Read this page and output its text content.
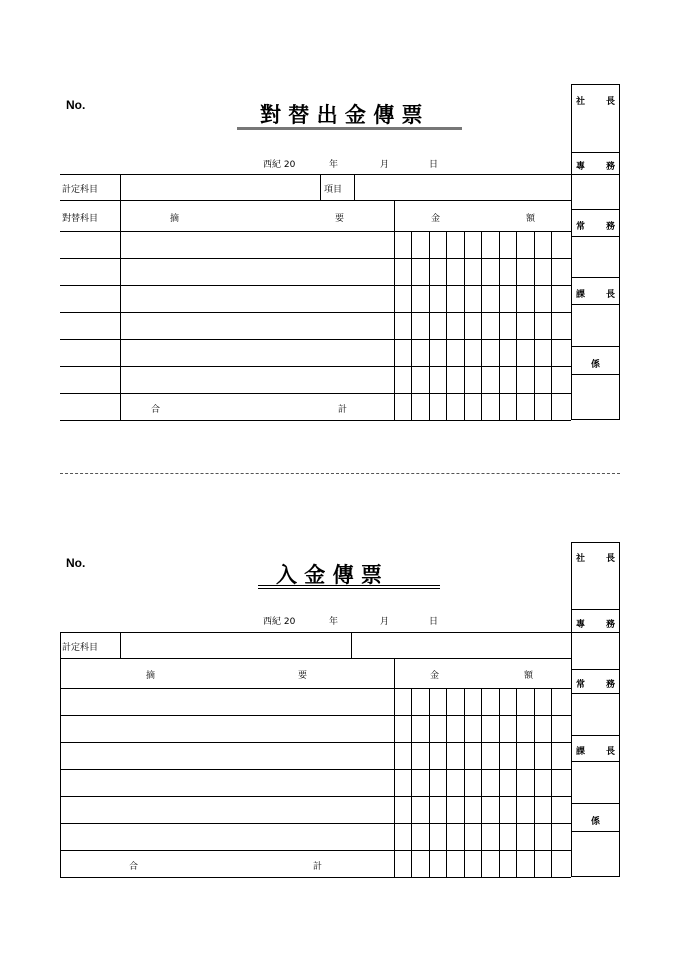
No.	對 替 出 金 傳 票
西紀 20	年	月	日
計定科目	項目
對替科目	摘	要	金	額
合	計
社 長
專 務
常 務
課 長
係
No.	入 金 傳 票
西紀 20	年	月	日
計定科目
摘	要	金	額
合	計
社 長
專 務
常 務
課 長
係
